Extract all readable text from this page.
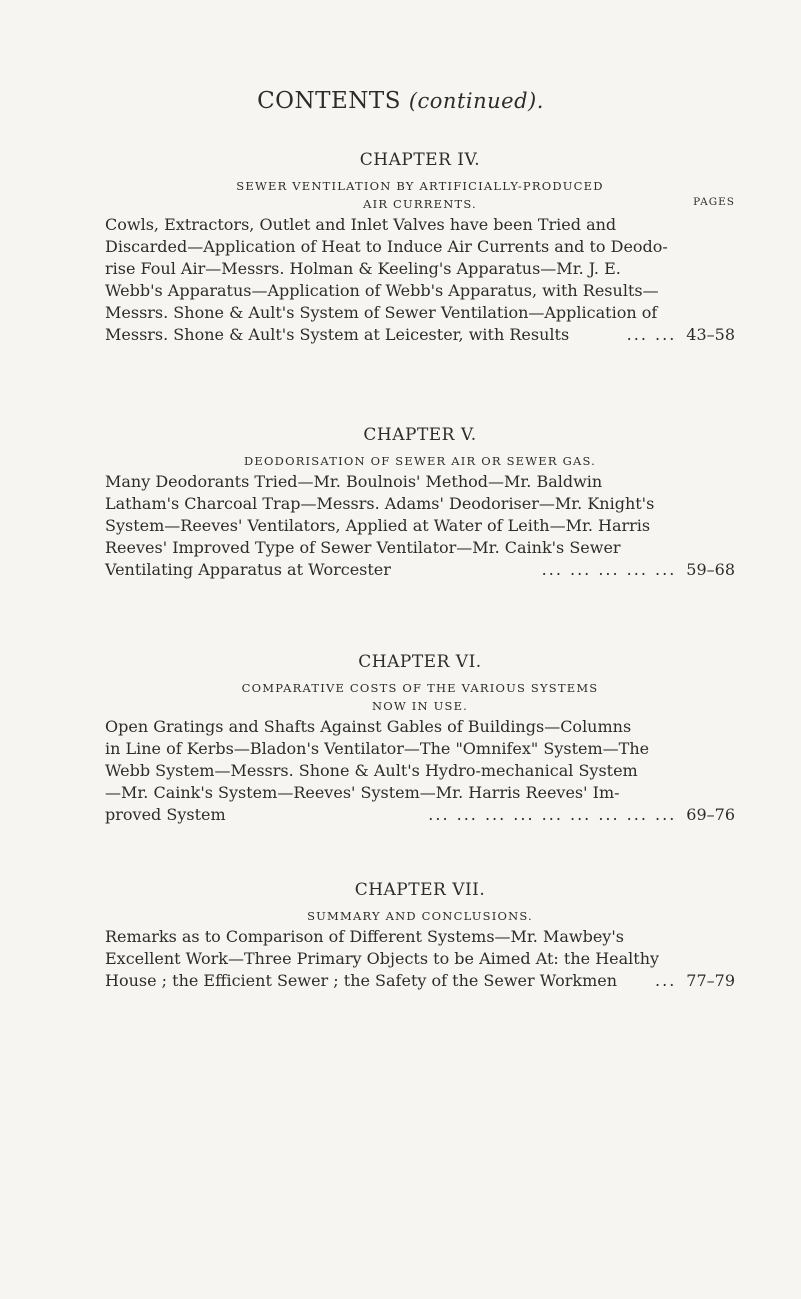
CONTENTS (continued).
CHAPTER IV.
SEWER VENTILATION BY ARTIFICIALLY-PRODUCED
AIR CURRENTS.	PAGES
Cowls, Extractors, Outlet and Inlet Valves have been Tried and
Discarded—Application of Heat to Induce Air Currents and to Deodo-
rise Foul Air—Messrs. Holman & Keeling's Apparatus—Mr. J. E.
Webb's Apparatus—Application of Webb's Apparatus, with Results—
Messrs. Shone & Ault's System of Sewer Ventilation—Application of
Messrs. Shone & Ault's System at Leicester, with Results	... ... 43–58
CHAPTER V.
DEODORISATION OF SEWER AIR OR SEWER GAS.
Many Deodorants Tried—Mr. Boulnois' Method—Mr. Baldwin
Latham's Charcoal Trap—Messrs. Adams' Deodoriser—Mr. Knight's
System—Reeves' Ventilators, Applied at Water of Leith—Mr. Harris
Reeves' Improved Type of Sewer Ventilator—Mr. Caink's Sewer
Ventilating Apparatus at Worcester	... ... ... ... ... 59–68
CHAPTER VI.
COMPARATIVE COSTS OF THE VARIOUS SYSTEMS
NOW IN USE.
Open Gratings and Shafts Against Gables of Buildings—Columns
in Line of Kerbs—Bladon's Ventilator—The "Omnifex" System—The
Webb System—Messrs. Shone & Ault's Hydro-mechanical System
—Mr. Caink's System—Reeves' System—Mr. Harris Reeves' Im-
proved System	... ... ... ... ... ... ... ... ... 69–76
CHAPTER VII.
SUMMARY AND CONCLUSIONS.
Remarks as to Comparison of Different Systems—Mr. Mawbey's
Excellent Work—Three Primary Objects to be Aimed At: the Healthy
House ; the Efficient Sewer ; the Safety of the Sewer Workmen	... 77–79
